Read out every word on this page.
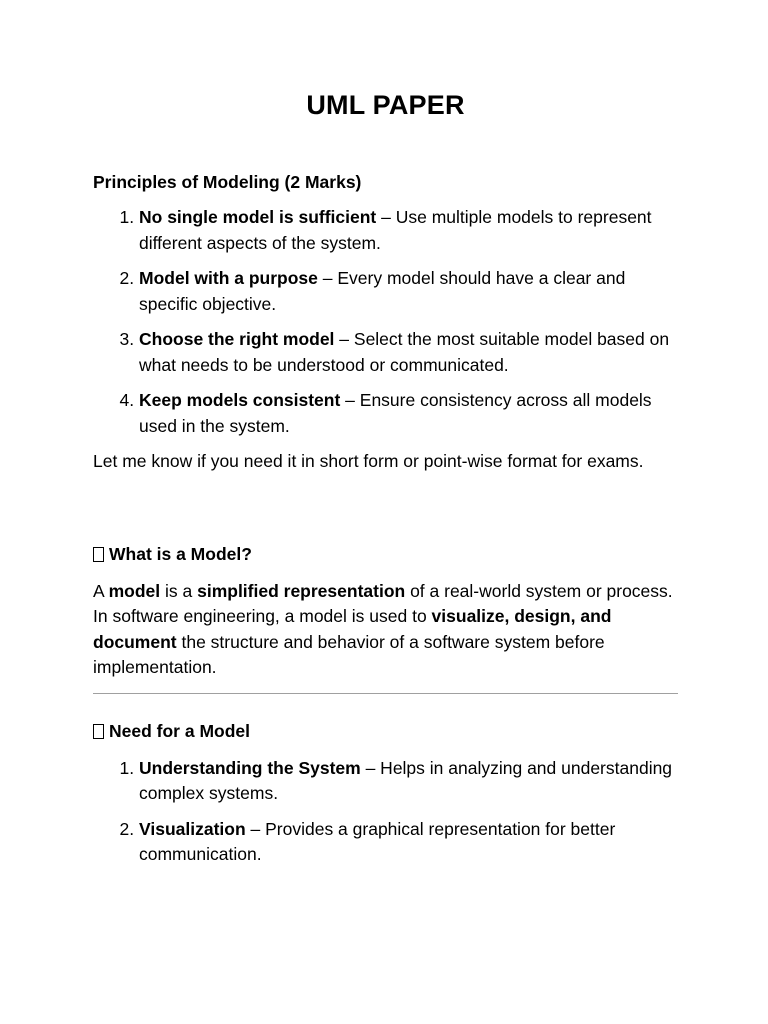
UML PAPER
Principles of Modeling (2 Marks)
1. No single model is sufficient – Use multiple models to represent different aspects of the system.
2. Model with a purpose – Every model should have a clear and specific objective.
3. Choose the right model – Select the most suitable model based on what needs to be understood or communicated.
4. Keep models consistent – Ensure consistency across all models used in the system.

Let me know if you need it in short form or point-wise format for exams.

What is a Model?

A model is a simplified representation of a real-world system or process.

In software engineering, a model is used to visualize, design, and document the structure and behavior of a software system before implementation.

Need for a Model
1. Understanding the System – Helps in analyzing and understanding complex systems.
2. Visualization – Provides a graphical representation for better communication.
